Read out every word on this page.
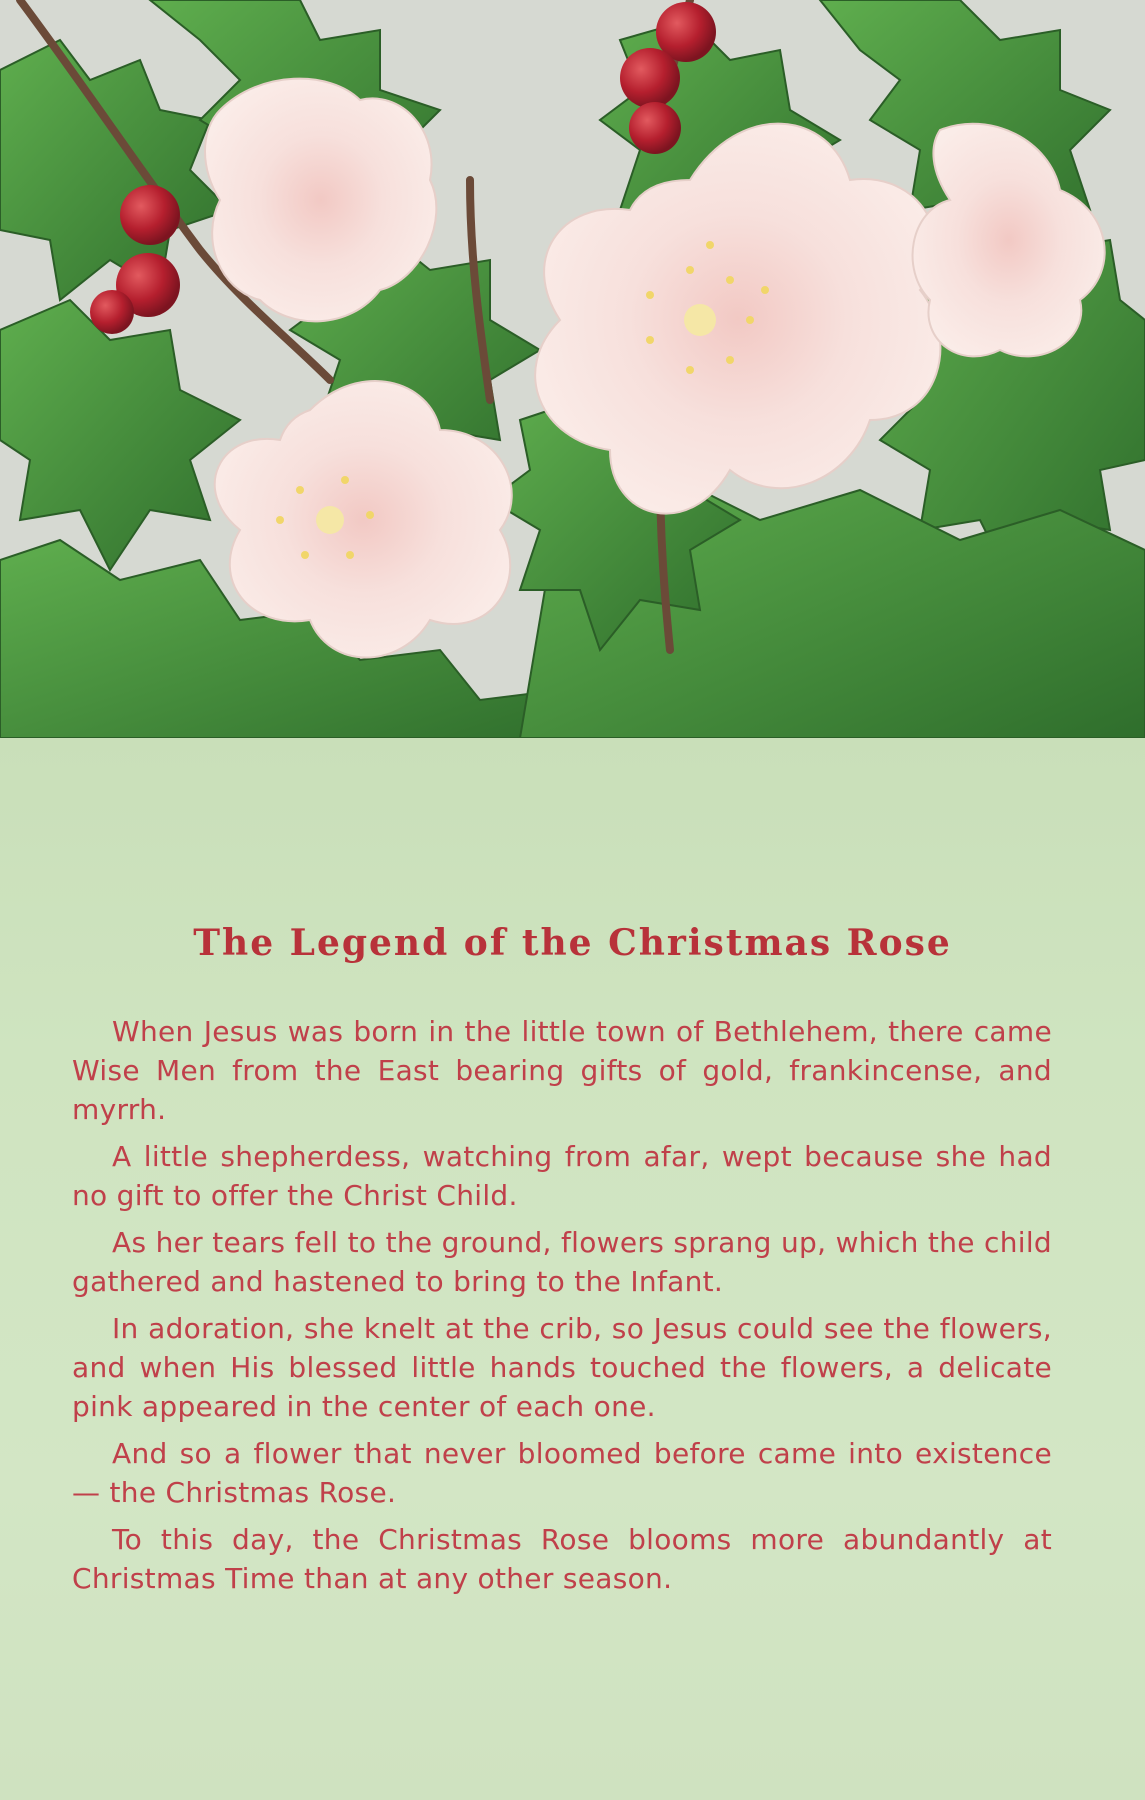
The Legend of the Christmas Rose

When Jesus was born in the little town of Bethlehem, there came Wise Men from the East bearing gifts of gold, frankincense, and myrrh.

A little shepherdess, watching from afar, wept because she had no gift to offer the Christ Child.

As her tears fell to the ground, flowers sprang up, which the child gathered and hastened to bring to the Infant.

In adoration, she knelt at the crib, so Jesus could see the flowers, and when His blessed little hands touched the flowers, a delicate pink appeared in the center of each one.

And so a flower that never bloomed before came into existence — the Christmas Rose.

To this day, the Christmas Rose blooms more abundantly at Christmas Time than at any other season.
